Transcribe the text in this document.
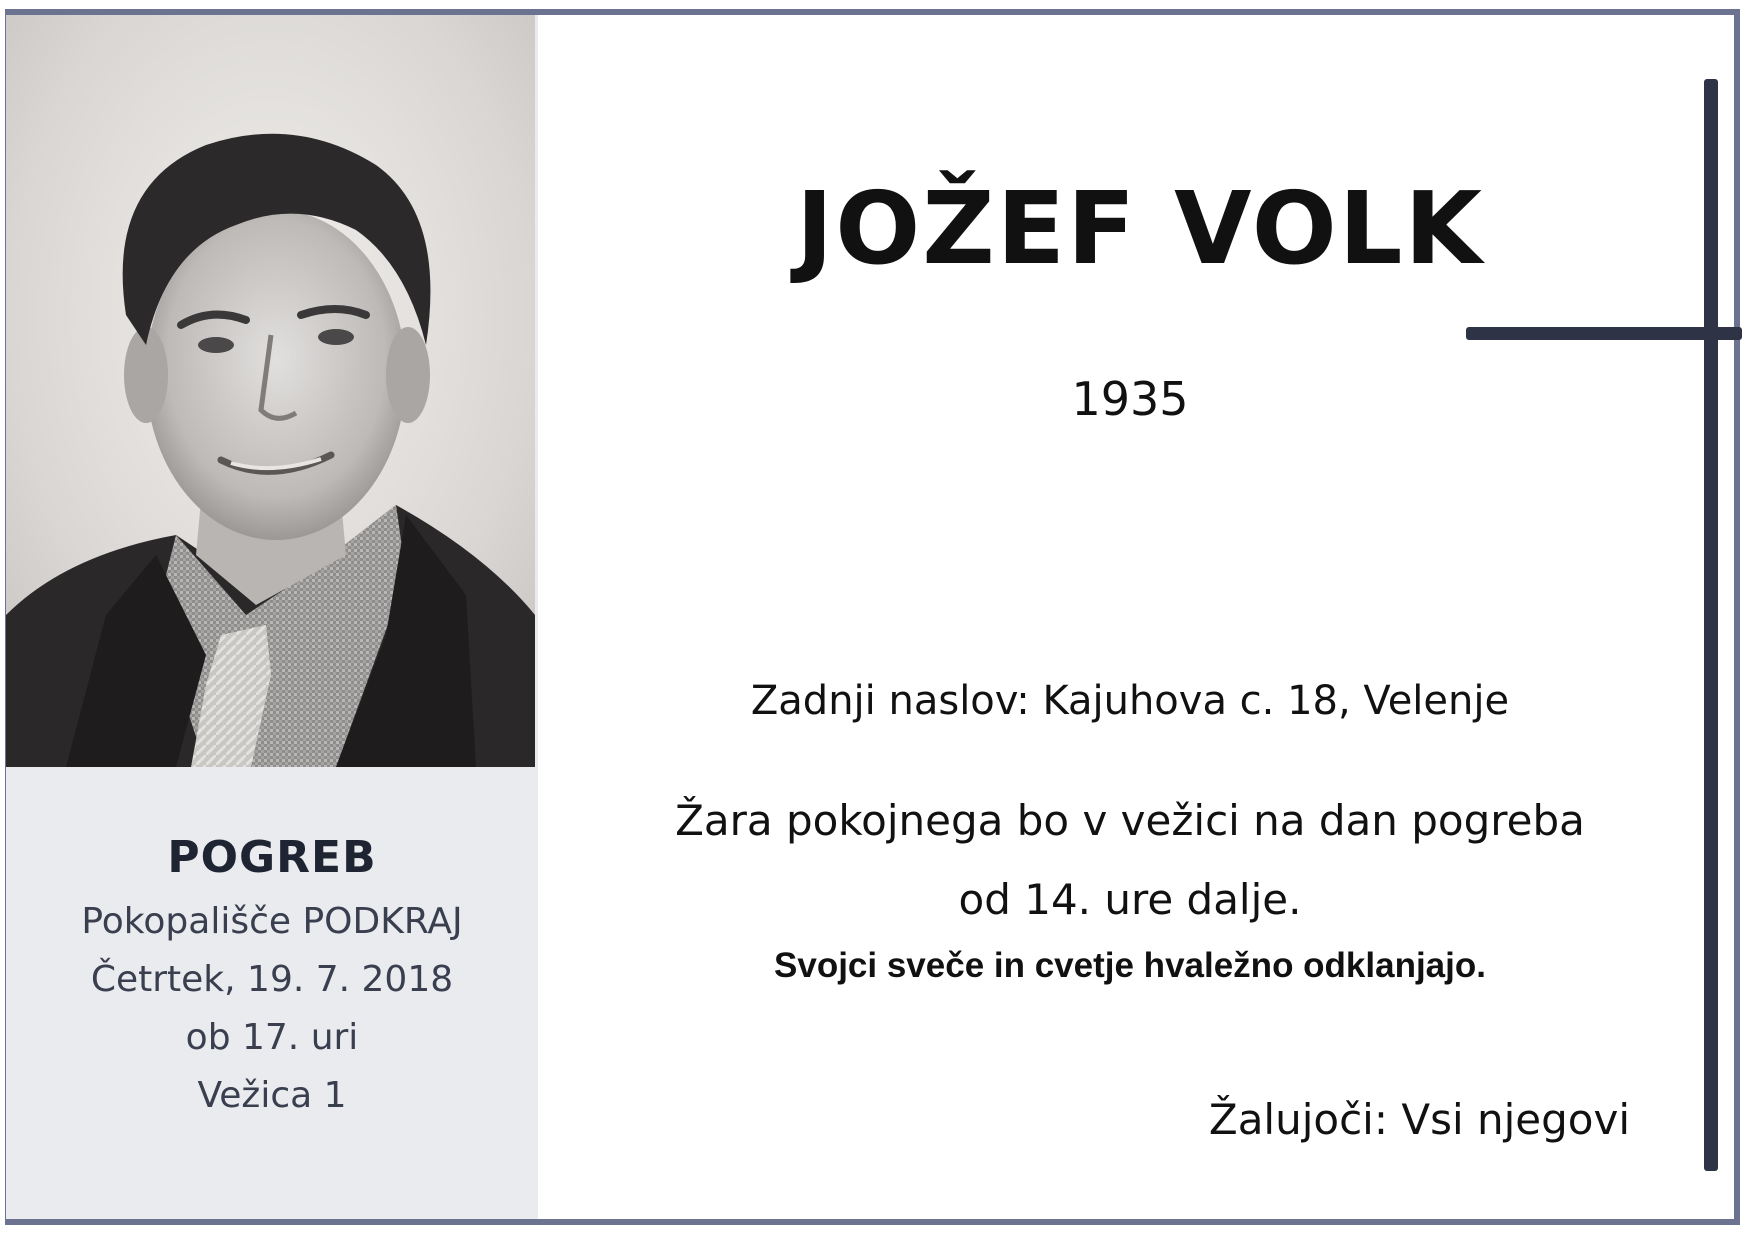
POGREB
Pokopališče PODKRAJ
Četrtek, 19. 7. 2018
ob 17. uri
Vežica 1
JOŽEF VOLK
1935
Zadnji naslov: Kajuhova c. 18, Velenje
Žara pokojnega bo v vežici na dan pogreba
od 14. ure dalje.
Svojci sveče in cvetje hvaležno odklanjajo.
Žalujoči: Vsi njegovi
